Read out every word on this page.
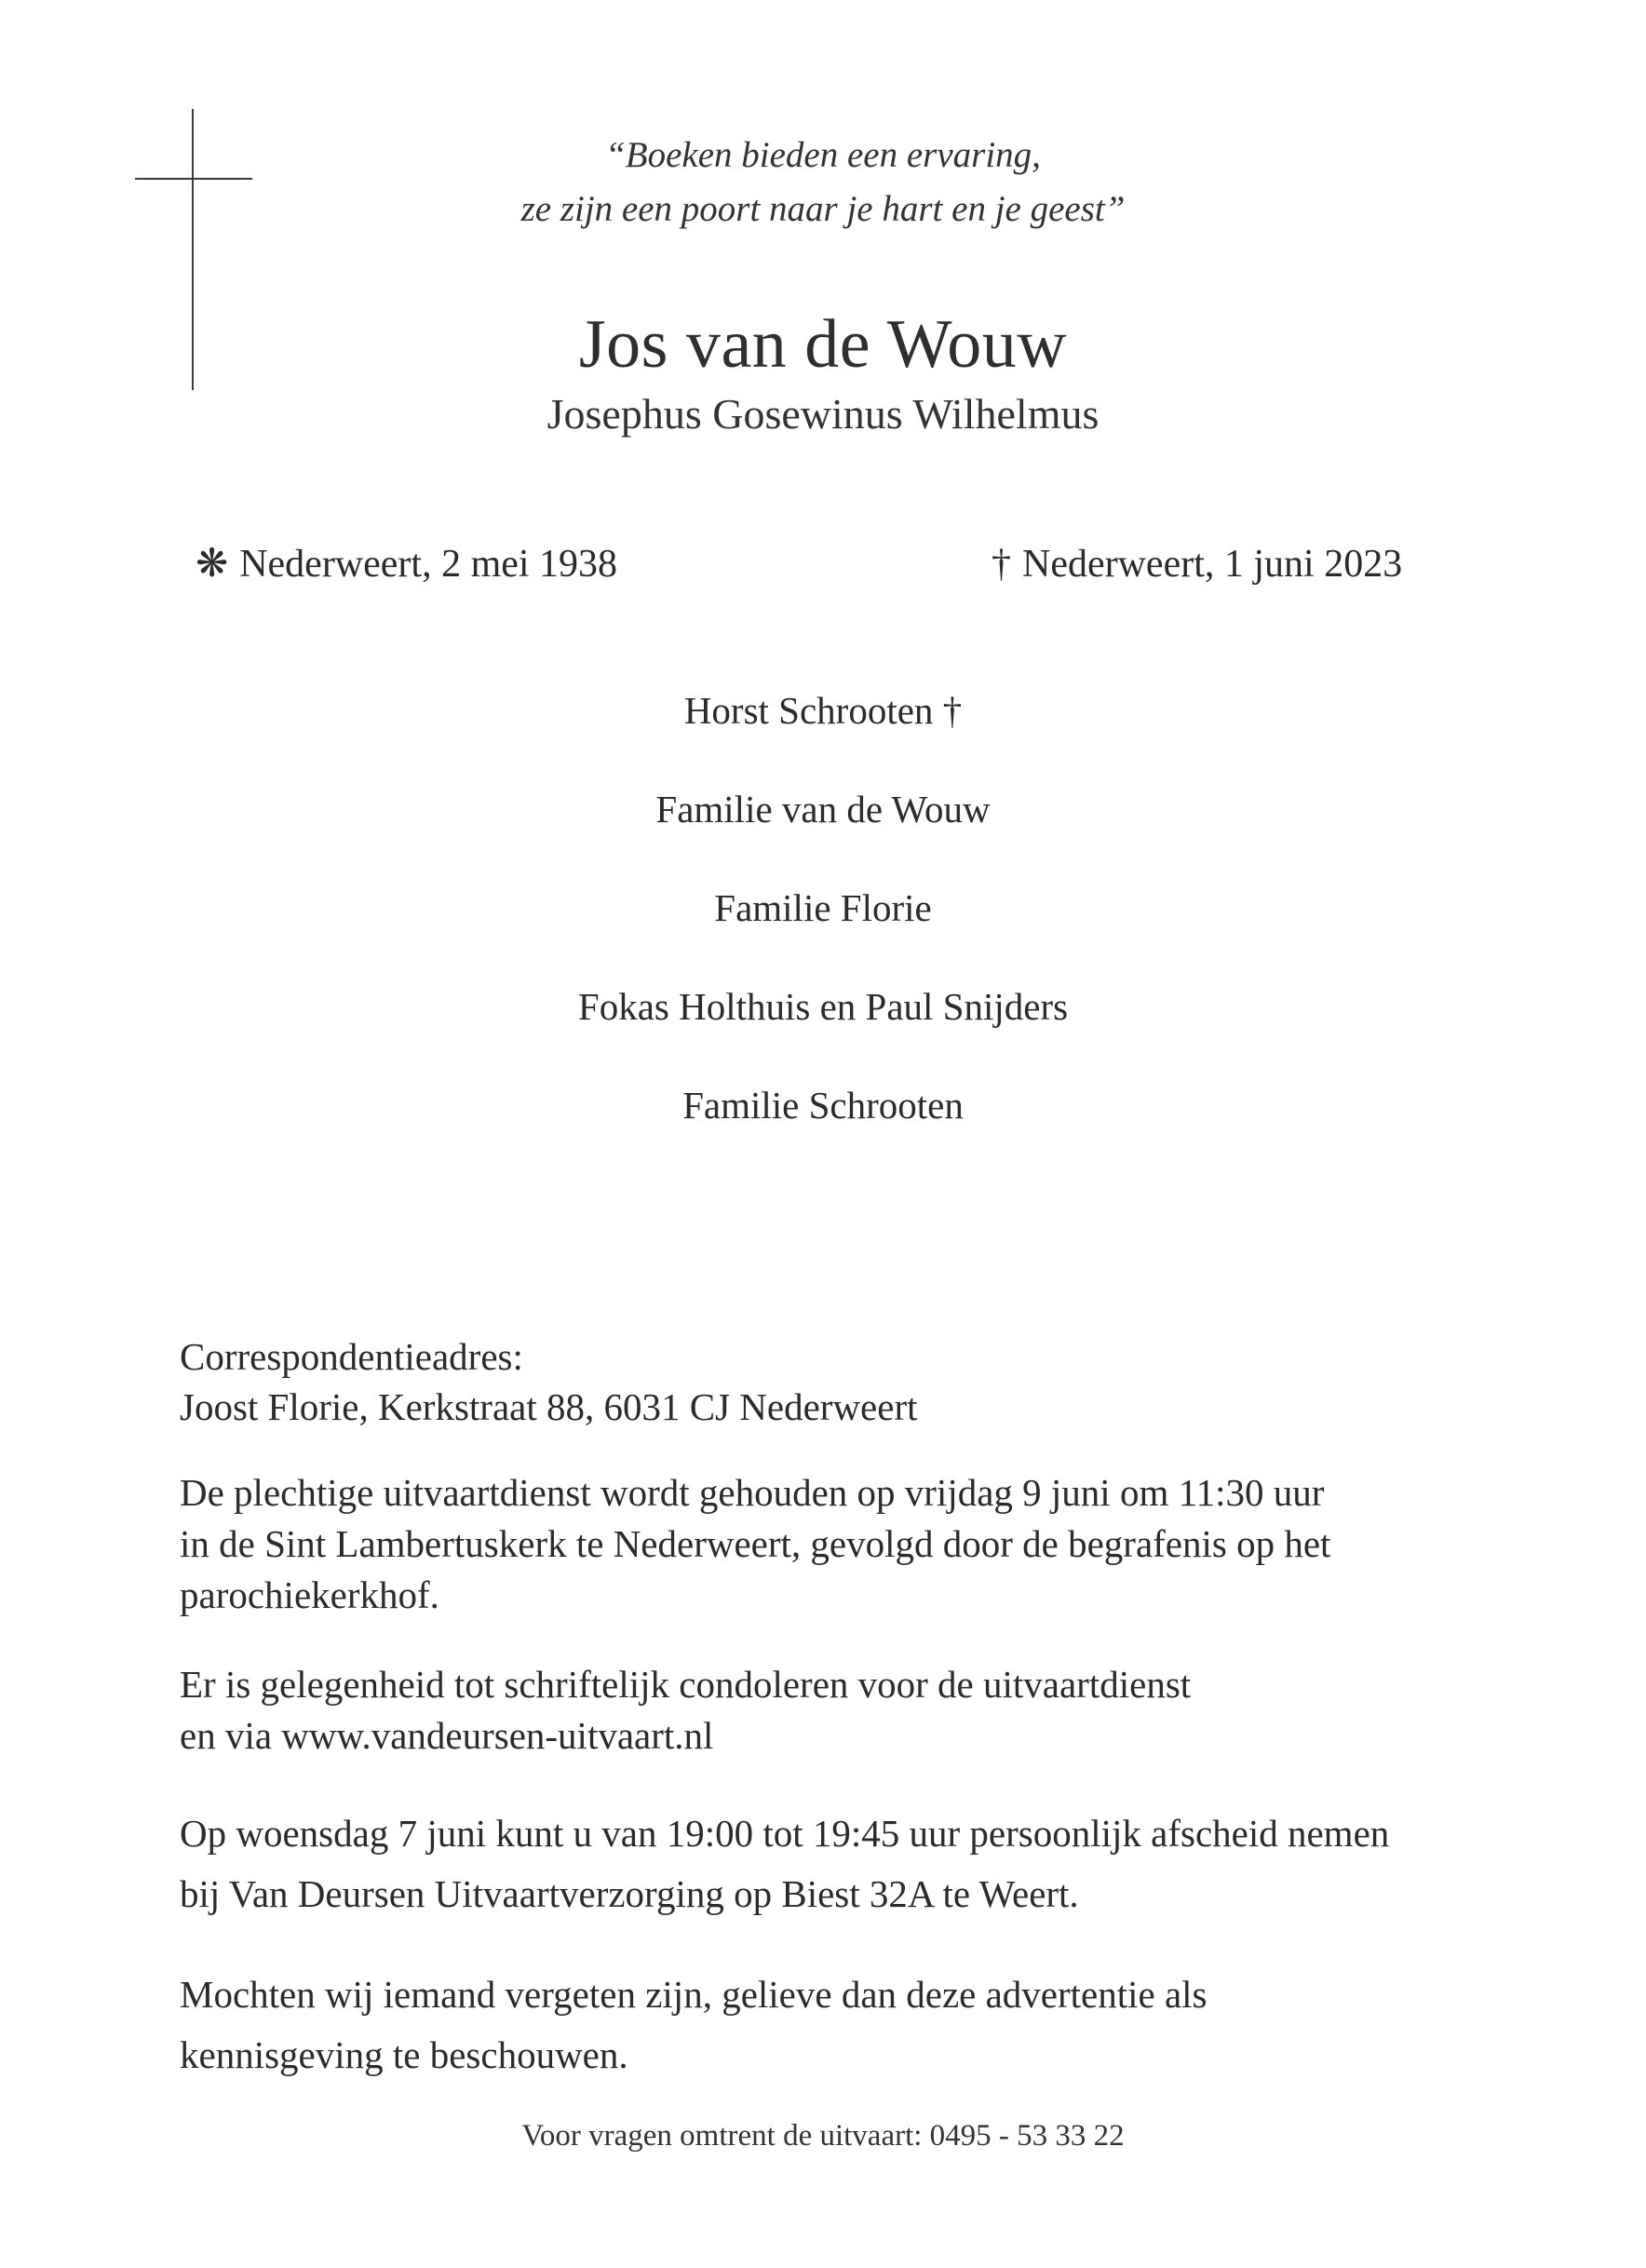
“Boeken bieden een ervaring,
ze zijn een poort naar je hart en je geest”
Jos van de Wouw
Josephus Gosewinus Wilhelmus
❋ Nederweert, 2 mei 1938	† Nederweert, 1 juni 2023
Horst Schrooten †
Familie van de Wouw
Familie Florie
Fokas Holthuis en Paul Snijders
Familie Schrooten
Correspondentieadres:
Joost Florie, Kerkstraat 88, 6031 CJ Nederweert
De plechtige uitvaartdienst wordt gehouden op vrijdag 9 juni om 11:30 uur
in de Sint Lambertuskerk te Nederweert, gevolgd door de begrafenis op het
parochiekerkhof.
Er is gelegenheid tot schriftelijk condoleren voor de uitvaartdienst
en via www.vandeursen-uitvaart.nl
Op woensdag 7 juni kunt u van 19:00 tot 19:45 uur persoonlijk afscheid nemen
bij Van Deursen Uitvaartverzorging op Biest 32A te Weert.
Mochten wij iemand vergeten zijn, gelieve dan deze advertentie als
kennisgeving te beschouwen.
Voor vragen omtrent de uitvaart: 0495 - 53 33 22
